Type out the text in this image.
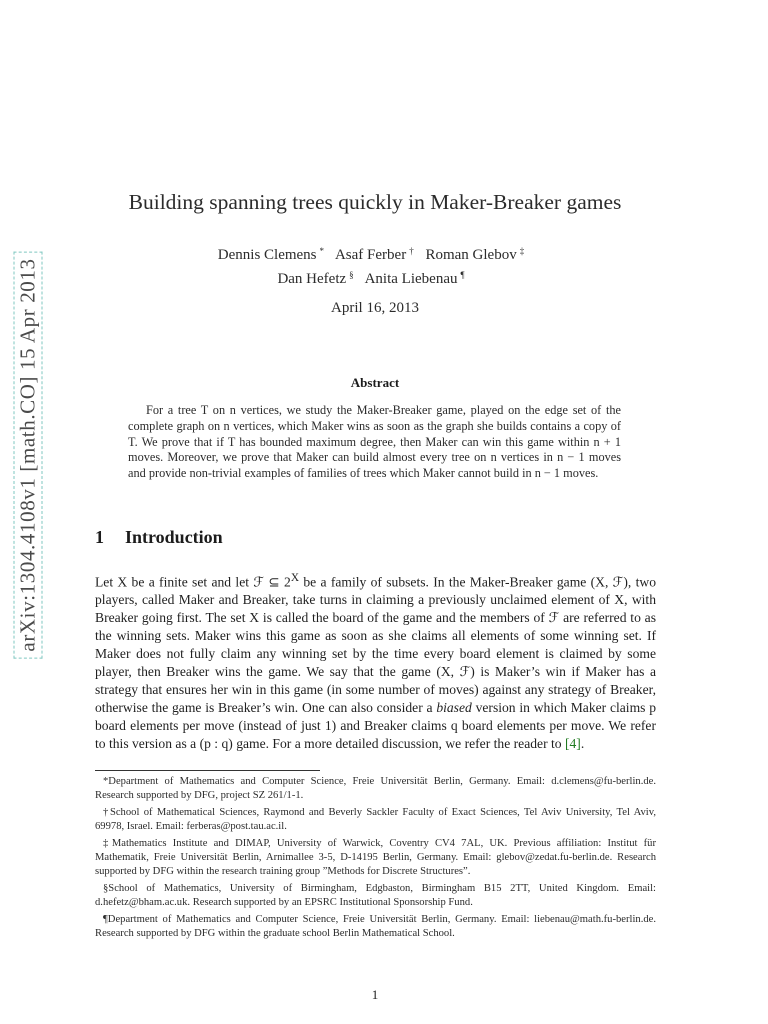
arXiv:1304.4108v1 [math.CO] 15 Apr 2013
Building spanning trees quickly in Maker-Breaker games
Dennis Clemens * Asaf Ferber † Roman Glebov ‡
Dan Hefetz § Anita Liebenau ¶
April 16, 2013
Abstract

For a tree T on n vertices, we study the Maker-Breaker game, played on the edge set of the complete graph on n vertices, which Maker wins as soon as the graph she builds contains a copy of T. We prove that if T has bounded maximum degree, then Maker can win this game within n + 1 moves. Moreover, we prove that Maker can build almost every tree on n vertices in n − 1 moves and provide non-trivial examples of families of trees which Maker cannot build in n − 1 moves.

1 Introduction

Let X be a finite set and let ℱ ⊆ $2^X$ be a family of subsets. In the Maker-Breaker game (X, ℱ), two players, called Maker and Breaker, take turns in claiming a previously unclaimed element of X, with Breaker going first. The set X is called the board of the game and the members of ℱ are referred to as the winning sets. Maker wins this game as soon as she claims all elements of some winning set. If Maker does not fully claim any winning set by the time every board element is claimed by some player, then Breaker wins the game. We say that the game (X, ℱ) is Maker’s win if Maker has a strategy that ensures her win in this game (in some number of moves) against any strategy of Breaker, otherwise the game is Breaker’s win. One can also consider a biased version in which Maker claims p board elements per move (instead of just 1) and Breaker claims q board elements per move. We refer to this version as a (p : q) game. For a more detailed discussion, we refer the reader to [4].

*Department of Mathematics and Computer Science, Freie Universität Berlin, Germany. Email: d.clemens@fu-berlin.de. Research supported by DFG, project SZ 261/1-1.

†School of Mathematical Sciences, Raymond and Beverly Sackler Faculty of Exact Sciences, Tel Aviv University, Tel Aviv, 69978, Israel. Email: ferberas@post.tau.ac.il.

‡Mathematics Institute and DIMAP, University of Warwick, Coventry CV4 7AL, UK. Previous affiliation: Institut für Mathematik, Freie Universität Berlin, Arnimallee 3-5, D-14195 Berlin, Germany. Email: glebov@zedat.fu-berlin.de. Research supported by DFG within the research training group ”Methods for Discrete Structures”.

§School of Mathematics, University of Birmingham, Edgbaston, Birmingham B15 2TT, United Kingdom. Email: d.hefetz@bham.ac.uk. Research supported by an EPSRC Institutional Sponsorship Fund.

¶Department of Mathematics and Computer Science, Freie Universität Berlin, Germany. Email: liebenau@math.fu-berlin.de. Research supported by DFG within the graduate school Berlin Mathematical School.

1
